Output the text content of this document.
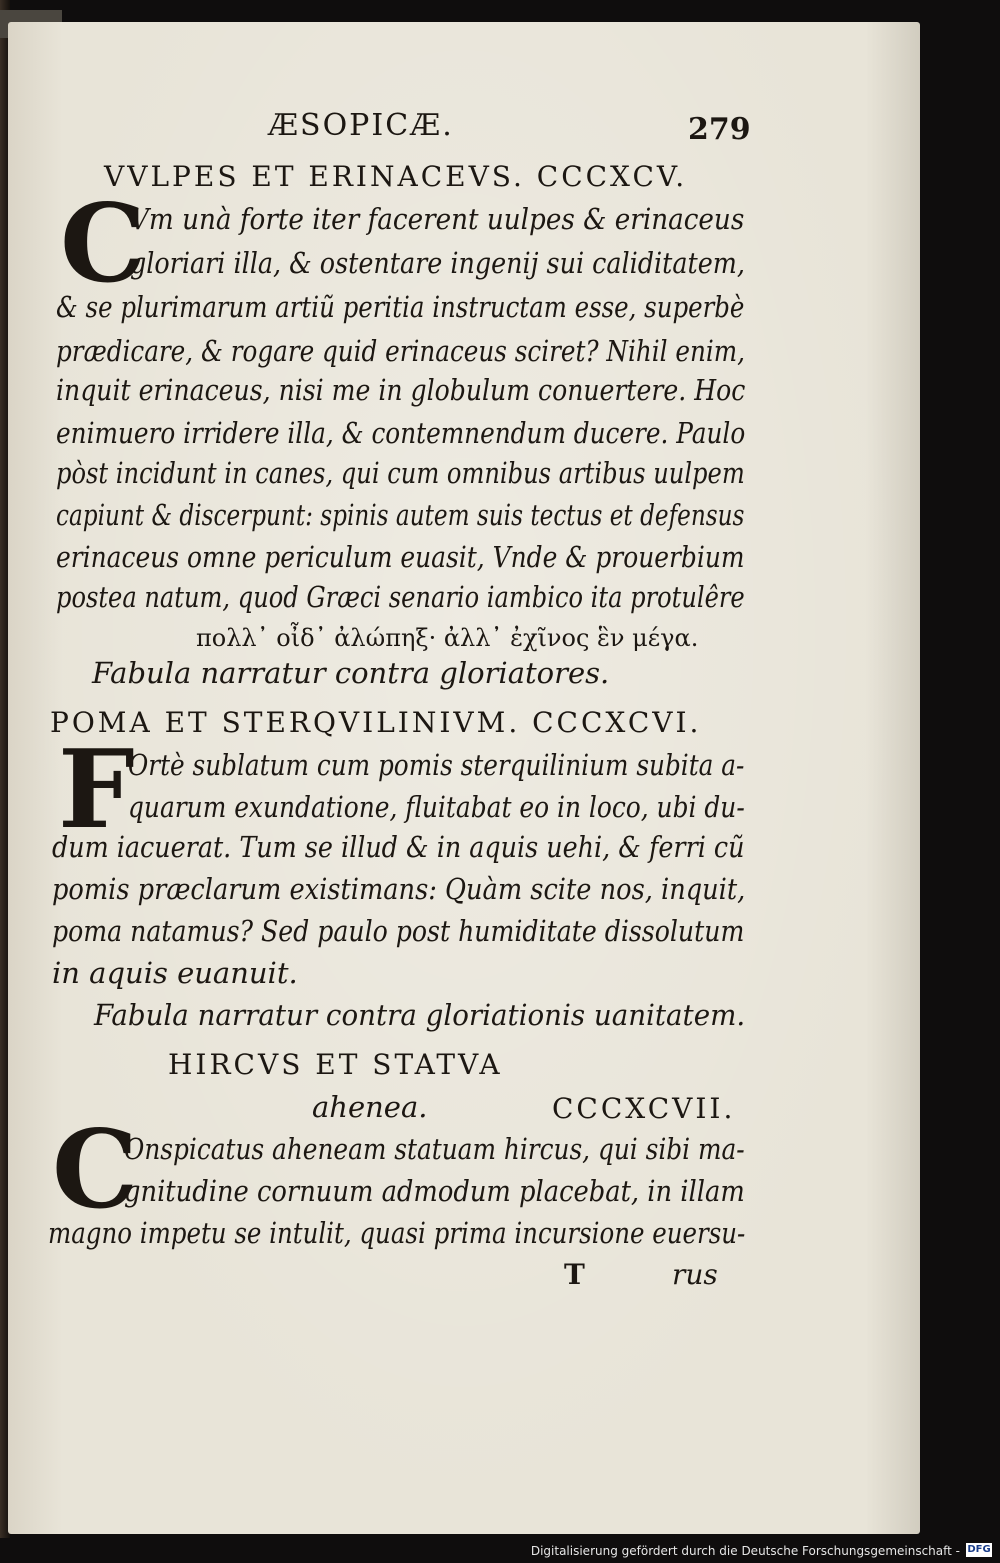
ÆSOPICÆ.	279
VVLPES ET ERINACEVS. CCCXCV.
C
Vm unà forte iter facerent uulpes & erinaceus
gloriari illa, & ostentare ingenij sui caliditatem,
& se plurimarum artiũ peritia instructam esse, superbè
prædicare, & rogare quid erinaceus sciret? Nihil enim,
inquit erinaceus, nisi me in globulum conuertere. Hoc
enimuero irridere illa, & contemnendum ducere. Paulo
pòst incidunt in canes, qui cum omnibus artibus uulpem
capiunt & discerpunt: spinis autem suis tectus et defensus
erinaceus omne periculum euasit, Vnde & prouerbium
postea natum, quod Græci senario iambico ita protulêre
πολλ᾽ οἶδ᾽ ἀλώπηξ· ἀλλ᾽ ἐχῖνος ἓν μέγα.
Fabula narratur contra gloriatores.
POMA ET STERQVILINIVM. CCCXCVI.
F
Ortè sublatum cum pomis sterquilinium subita a-
quarum exundatione, fluitabat eo in loco, ubi du-
dum iacuerat. Tum se illud & in aquis uehi, & ferri cũ
pomis præclarum existimans: Quàm scite nos, inquit,
poma natamus? Sed paulo post humiditate dissolutum
in aquis euanuit.
Fabula narratur contra gloriationis uanitatem.
HIRCVS ET STATVA
ahenea.	CCCXCVII.
C
Onspicatus aheneam statuam hircus, qui sibi ma-
gnitudine cornuum admodum placebat, in illam
magno impetu se intulit, quasi prima incursione euersu-
T	rus
Digitalisierung gefördert durch die Deutsche Forschungsgemeinschaft - DFG
